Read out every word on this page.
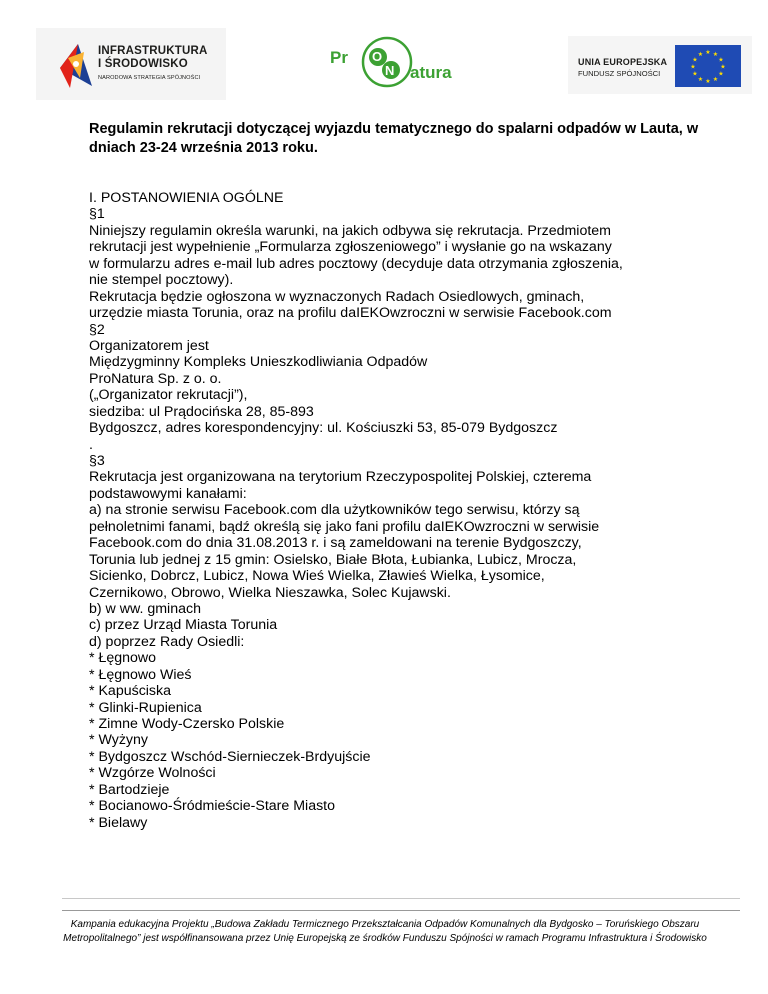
INFRASTRUKTURA
I ŚRODOWISKO
NARODOWA STRATEGIA SPÓJNOŚCI
Pr O
N atura
UNIA EUROPEJSKA
FUNDUSZ SPÓJNOŚCI
★ ★
★
★
★
★
★
★
★
★
★
★

Regulamin rekrutacji dotyczącej wyjazdu tematycznego do spalarni odpadów w Lauta, w dniach 23-24 września 2013 roku.

I. POSTANOWIENIA OGÓLNE
§1
Niniejszy regulamin określa warunki, na jakich odbywa się rekrutacja. Przedmiotem
rekrutacji jest wypełnienie „Formularza zgłoszeniowego” i wysłanie go na wskazany
w formularzu adres e-mail lub adres pocztowy (decyduje data otrzymania zgłoszenia,
nie stempel pocztowy).
Rekrutacja będzie ogłoszona w wyznaczonych Radach Osiedlowych, gminach,
urzędzie miasta Torunia, oraz na profilu daIEKOwzroczni w serwisie Facebook.com
§2
Organizatorem jest
Międzygminny Kompleks Unieszkodliwiania Odpadów
ProNatura Sp. z o. o.
(„Organizator rekrutacji”),
siedziba: ul Prądocińska 28, 85-893
Bydgoszcz, adres korespondencyjny: ul. Kościuszki 53, 85-079 Bydgoszcz
.
§3
Rekrutacja jest organizowana na terytorium Rzeczypospolitej Polskiej, czterema
podstawowymi kanałami:
a) na stronie serwisu Facebook.com dla użytkowników tego serwisu, którzy są
pełnoletnimi fanami, bądź określą się jako fani profilu daIEKOwzroczni w serwisie
Facebook.com do dnia 31.08.2013 r. i są zameldowani na terenie Bydgoszczy,
Torunia lub jednej z 15 gmin: Osielsko, Białe Błota, Łubianka, Lubicz, Mrocza,
Sicienko, Dobrcz, Lubicz, Nowa Wieś Wielka, Zławieś Wielka, Łysomice,
Czernikowo, Obrowo, Wielka Nieszawka, Solec Kujawski.
b) w ww. gminach
c) przez Urząd Miasta Torunia
d) poprzez Rady Osiedli:
* Łęgnowo
* Łęgnowo Wieś
* Kapuściska
* Glinki-Rupienica
* Zimne Wody-Czersko Polskie
* Wyżyny
* Bydgoszcz Wschód-Siernieczek-Brdyujście
* Wzgórze Wolności
* Bartodzieje
* Bocianowo-Śródmieście-Stare Miasto
* Bielawy
Kampania edukacyjna Projektu „Budowa Zakładu Termicznego Przekształcania Odpadów Komunalnych dla Bydgosko – Toruńskiego Obszaru Metropolitalnego” jest współfinansowana przez Unię Europejską ze środków Funduszu Spójności w ramach Programu Infrastruktura i Środowisko
